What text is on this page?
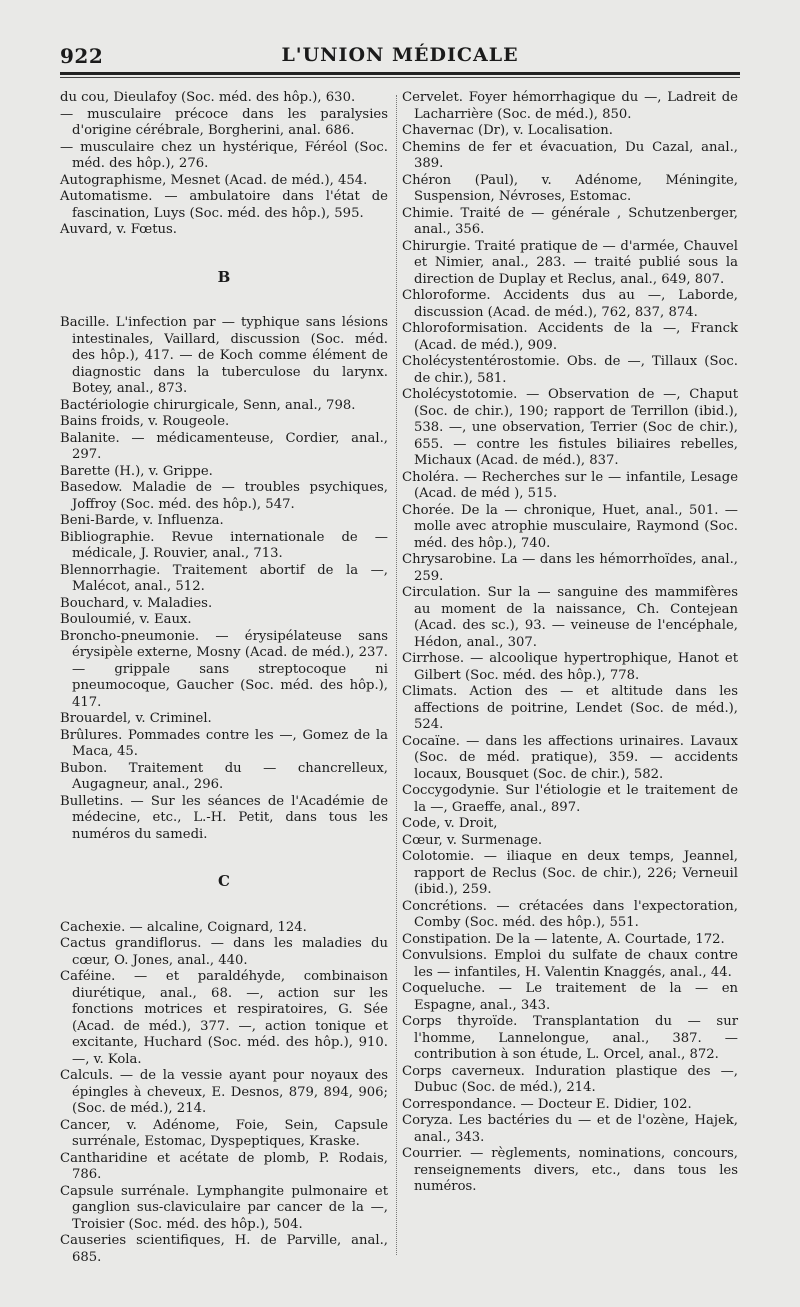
922	L'UNION MÉDICALE

du cou, Dieulafoy (Soc. méd. des hôp.), 630.

— musculaire précoce dans les paralysies d'origine cérébrale, Borgherini, anal. 686.

— musculaire chez un hystérique, Féréol (Soc. méd. des hôp.), 276.

Autographisme, Mesnet (Acad. de méd.), 454.

Automatisme. — ambulatoire dans l'état de fascination, Luys (Soc. méd. des hôp.), 595.

Auvard, v. Fœtus.

B

Bacille. L'infection par — typhique sans lésions intestinales, Vaillard, discussion (Soc. méd. des hôp.), 417. — de Koch comme élément de diagnostic dans la tuberculose du larynx. Botey, anal., 873.

Bactériologie chirurgicale, Senn, anal., 798.

Bains froids, v. Rougeole.

Balanite. — médicamenteuse, Cordier, anal., 297.

Barette (H.), v. Grippe.

Basedow. Maladie de — troubles psychiques, Joffroy (Soc. méd. des hôp.), 547.

Beni-Barde, v. Influenza.

Bibliographie. Revue internationale de — médicale, J. Rouvier, anal., 713.

Blennorrhagie. Traitement abortif de la —, Malécot, anal., 512.

Bouchard, v. Maladies.

Bouloumié, v. Eaux.

Broncho-pneumonie. — érysipélateuse sans érysipèle externe, Mosny (Acad. de méd.), 237. — grippale sans streptocoque ni pneumocoque, Gaucher (Soc. méd. des hôp.), 417.

Brouardel, v. Criminel.

Brûlures. Pommades contre les —, Gomez de la Maca, 45.

Bubon. Traitement du — chancrelleux, Augagneur, anal., 296.

Bulletins. — Sur les séances de l'Académie de médecine, etc., L.-H. Petit, dans tous les numéros du samedi.

C

Cachexie. — alcaline, Coignard, 124.

Cactus grandiflorus. — dans les maladies du cœur, O. Jones, anal., 440.

Caféine. — et paraldéhyde, combinaison diurétique, anal., 68. —, action sur les fonctions motrices et respiratoires, G. Sée (Acad. de méd.), 377. —, action tonique et excitante, Huchard (Soc. méd. des hôp.), 910. —, v. Kola.

Calculs. — de la vessie ayant pour noyaux des épingles à cheveux, E. Desnos, 879, 894, 906; (Soc. de méd.), 214.

Cancer, v. Adénome, Foie, Sein, Capsule surrénale, Estomac, Dyspeptiques, Kraske.

Cantharidine et acétate de plomb, P. Rodais, 786.

Capsule surrénale. Lymphangite pulmonaire et ganglion sus-claviculaire par cancer de la —, Troisier (Soc. méd. des hôp.), 504.

Causeries scientifiques, H. de Parville, anal., 685.

Cervelet. Foyer hémorrhagique du —, Ladreit de Lacharrière (Soc. de méd.), 850.

Chavernac (Dr), v. Localisation.

Chemins de fer et évacuation, Du Cazal, anal., 389.

Chéron (Paul), v. Adénome, Méningite, Suspension, Névroses, Estomac.

Chimie. Traité de — générale , Schutzenberger, anal., 356.

Chirurgie. Traité pratique de — d'armée, Chauvel et Nimier, anal., 283. — traité publié sous la direction de Duplay et Reclus, anal., 649, 807.

Chloroforme. Accidents dus au —, Laborde, discussion (Acad. de méd.), 762, 837, 874.

Chloroformisation. Accidents de la —, Franck (Acad. de méd.), 909.

Cholécystentérostomie. Obs. de —, Tillaux (Soc. de chir.), 581.

Cholécystotomie. — Observation de —, Chaput (Soc. de chir.), 190; rapport de Terrillon (ibid.), 538. —, une observation, Terrier (Soc de chir.), 655. — contre les fistules biliaires rebelles, Michaux (Acad. de méd.), 837.

Choléra. — Recherches sur le — infantile, Lesage (Acad. de méd ), 515.

Chorée. De la — chronique, Huet, anal., 501. — molle avec atrophie musculaire, Raymond (Soc. méd. des hôp.), 740.

Chrysarobine. La — dans les hémorrhoïdes, anal., 259.

Circulation. Sur la — sanguine des mammifères au moment de la naissance, Ch. Contejean (Acad. des sc.), 93. — veineuse de l'encéphale, Hédon, anal., 307.

Cirrhose. — alcoolique hypertrophique, Hanot et Gilbert (Soc. méd. des hôp.), 778.

Climats. Action des — et altitude dans les affections de poitrine, Lendet (Soc. de méd.), 524.

Cocaïne. — dans les affections urinaires. Lavaux (Soc. de méd. pratique), 359. — accidents locaux, Bousquet (Soc. de chir.), 582.

Coccygodynie. Sur l'étiologie et le traitement de la —, Graeffe, anal., 897.

Code, v. Droit,

Cœur, v. Surmenage.

Colotomie. — iliaque en deux temps, Jeannel, rapport de Reclus (Soc. de chir.), 226; Verneuil (ibid.), 259.

Concrétions. — crétacées dans l'expectoration, Comby (Soc. méd. des hôp.), 551.

Constipation. De la — latente, A. Courtade, 172.

Convulsions. Emploi du sulfate de chaux contre les — infantiles, H. Valentin Knaggés, anal., 44.

Coqueluche. — Le traitement de la — en Espagne, anal., 343.

Corps thyroïde. Transplantation du — sur l'homme, Lannelongue, anal., 387. — contribution à son étude, L. Orcel, anal., 872.

Corps caverneux. Induration plastique des —, Dubuc (Soc. de méd.), 214.

Correspondance. — Docteur E. Didier, 102.

Coryza. Les bactéries du — et de l'ozène, Hajek, anal., 343.

Courrier. — règlements, nominations, concours, renseignements divers, etc., dans tous les numéros.
